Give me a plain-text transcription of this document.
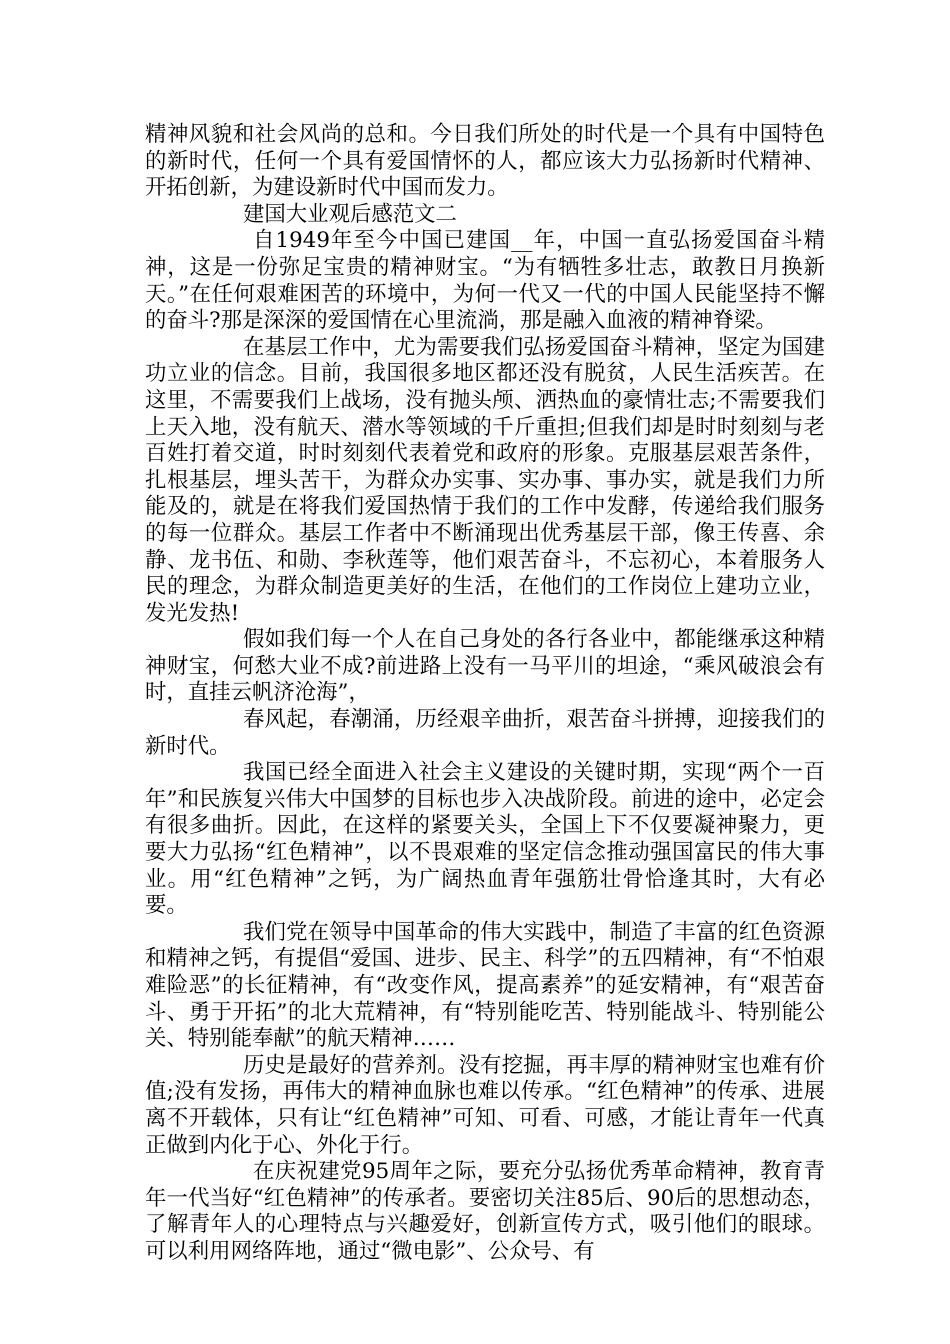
精神风貌和社会风尚的总和。今日我们所处的时代是一个具有中国特色的新时代，任何一个具有爱国情怀的人，都应该大力弘扬新时代精神、开拓创新，为建设新时代中国而发力。

建国大业观后感范文二

自1949年至今中国已建国__年，中国一直弘扬爱国奋斗精神，这是一份弥足宝贵的精神财宝。“为有牺牲多壮志，敢教日月换新天。”在任何艰难困苦的环境中，为何一代又一代的中国人民能坚持不懈的奋斗?那是深深的爱国情在心里流淌，那是融入血液的精神脊梁。

在基层工作中，尤为需要我们弘扬爱国奋斗精神，坚定为国建功立业的信念。目前，我国很多地区都还没有脱贫，人民生活疾苦。在这里，不需要我们上战场，没有抛头颅、洒热血的豪情壮志;不需要我们上天入地，没有航天、潜水等领域的千斤重担;但我们却是时时刻刻与老百姓打着交道，时时刻刻代表着党和政府的形象。克服基层艰苦条件，扎根基层，埋头苦干，为群众办实事、实办事、事办实，就是我们力所能及的，就是在将我们爱国热情于我们的工作中发酵，传递给我们服务的每一位群众。基层工作者中不断涌现出优秀基层干部，像王传喜、余静、龙书伍、和勋、李秋莲等，他们艰苦奋斗，不忘初心，本着服务人民的理念，为群众制造更美好的生活，在他们的工作岗位上建功立业，发光发热!

假如我们每一个人在自己身处的各行各业中，都能继承这种精神财宝，何愁大业不成?前进路上没有一马平川的坦途，“乘风破浪会有时，直挂云帆济沧海”，

春风起，春潮涌，历经艰辛曲折，艰苦奋斗拼搏，迎接我们的新时代。

我国已经全面进入社会主义建设的关键时期，实现“两个一百年”和民族复兴伟大中国梦的目标也步入决战阶段。前进的途中，必定会有很多曲折。因此，在这样的紧要关头，全国上下不仅要凝神聚力，更要大力弘扬“红色精神”，以不畏艰难的坚定信念推动强国富民的伟大事业。用“红色精神”之钙，为广阔热血青年强筋壮骨恰逢其时，大有必要。

我们党在领导中国革命的伟大实践中，制造了丰富的红色资源和精神之钙，有提倡“爱国、进步、民主、科学”的五四精神，有“不怕艰难险恶”的长征精神，有“改变作风，提高素养”的延安精神，有“艰苦奋斗、勇于开拓”的北大荒精神，有“特别能吃苦、特别能战斗、特别能公关、特别能奉献”的航天精神……

历史是最好的营养剂。没有挖掘，再丰厚的精神财宝也难有价值;没有发扬，再伟大的精神血脉也难以传承。“红色精神”的传承、进展离不开载体，只有让“红色精神”可知、可看、可感，才能让青年一代真正做到内化于心、外化于行。

在庆祝建党95周年之际，要充分弘扬优秀革命精神，教育青年一代当好“红色精神”的传承者。要密切关注85后、90后的思想动态，了解青年人的心理特点与兴趣爱好，创新宣传方式，吸引他们的眼球。可以利用网络阵地，通过“微电影”、公众号、有
